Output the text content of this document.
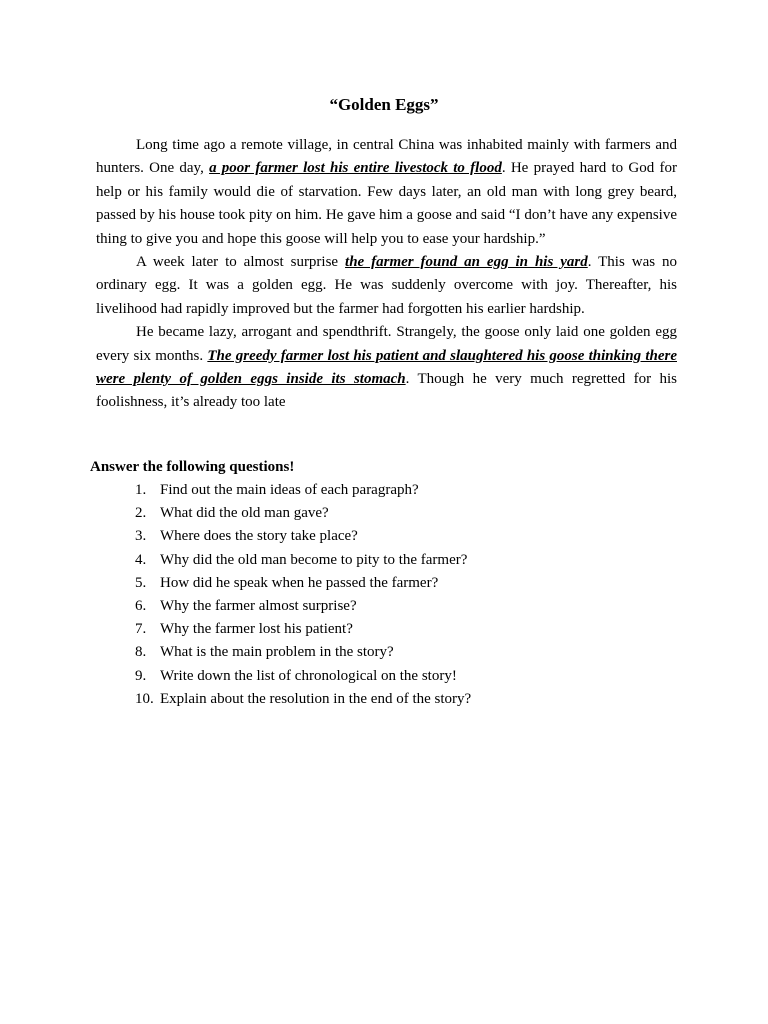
“Golden Eggs”

Long time ago a remote village, in central China was inhabited mainly with farmers and hunters. One day, a poor farmer lost his entire livestock to flood. He prayed hard to God for help or his family would die of starvation. Few days later, an old man with long grey beard, passed by his house took pity on him. He gave him a goose and said “I don’t have any expensive thing to give you and hope this goose will help you to ease your hardship.”

A week later to almost surprise the farmer found an egg in his yard. This was no ordinary egg. It was a golden egg. He was suddenly overcome with joy. Thereafter, his livelihood had rapidly improved but the farmer had forgotten his earlier hardship.

He became lazy, arrogant and spendthrift. Strangely, the goose only laid one golden egg every six months. The greedy farmer lost his patient and slaughtered his goose thinking there were plenty of golden eggs inside its stomach. Though he very much regretted for his foolishness, it’s already too late

Answer the following questions!
1. Find out the main ideas of each paragraph?
2. What did the old man gave?
3. Where does the story take place?
4. Why did the old man become to pity to the farmer?
5. How did he speak when he passed the farmer?
6. Why the farmer almost surprise?
7. Why the farmer lost his patient?
8. What is the main problem in the story?
9. Write down the list of chronological on the story!
10. Explain about the resolution in the end of the story?
